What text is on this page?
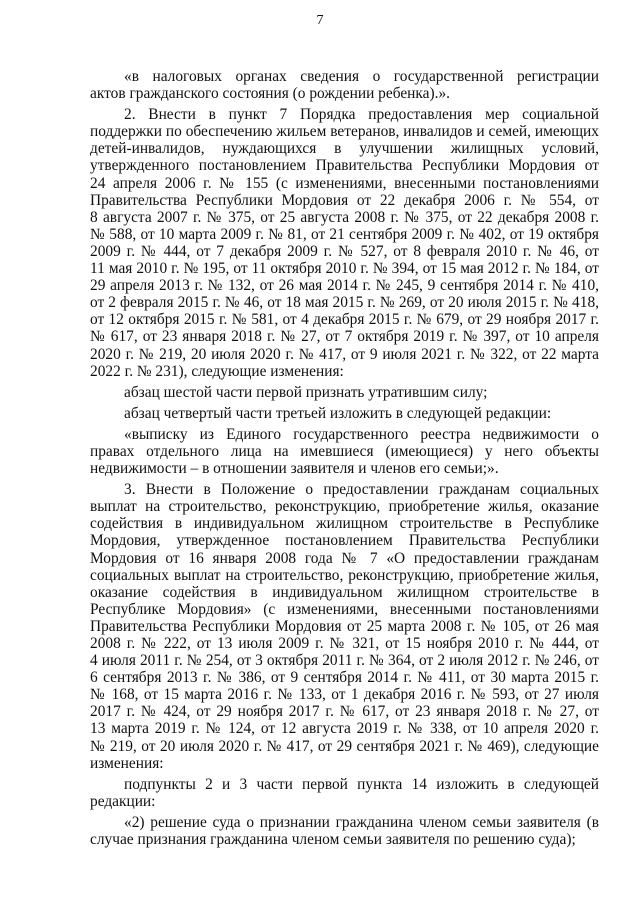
7
«в налоговых органах сведения о государственной регистрации
актов гражданского состояния (о рождении ребенка).».
2. Внести в пункт 7 Порядка предоставления мер социальной
поддержки по обеспечению жильем ветеранов, инвалидов и семей, имеющих
детей-инвалидов, нуждающихся в улучшении жилищных условий,
утвержденного постановлением Правительства Республики Мордовия от
24 апреля 2006 г. № 155 (с изменениями, внесенными постановлениями
Правительства Республики Мордовия от 22 декабря 2006 г. № 554, от
8 августа 2007 г. № 375, от 25 августа 2008 г. № 375, от 22 декабря 2008 г.
№ 588, от 10 марта 2009 г. № 81, от 21 сентября 2009 г. № 402, от 19 октября
2009 г. № 444, от 7 декабря 2009 г. № 527, от 8 февраля 2010 г. № 46, от
11 мая 2010 г. № 195, от 11 октября 2010 г. № 394, от 15 мая 2012 г. № 184, от
29 апреля 2013 г. № 132, от 26 мая 2014 г. № 245, 9 сентября 2014 г. № 410,
от 2 февраля 2015 г. № 46, от 18 мая 2015 г. № 269, от 20 июля 2015 г. № 418,
от 12 октября 2015 г. № 581, от 4 декабря 2015 г. № 679, от 29 ноября 2017 г.
№ 617, от 23 января 2018 г. № 27, от 7 октября 2019 г. № 397, от 10 апреля
2020 г. № 219, 20 июля 2020 г. № 417, от 9 июля 2021 г. № 322, от 22 марта
2022 г. № 231), следующие изменения:
абзац шестой части первой признать утратившим силу;
абзац четвертый части третьей изложить в следующей редакции:
«выписку из Единого государственного реестра недвижимости о
правах отдельного лица на имевшиеся (имеющиеся) у него объекты
недвижимости – в отношении заявителя и членов его семьи;».
3. Внести в Положение о предоставлении гражданам социальных
выплат на строительство, реконструкцию, приобретение жилья, оказание
содействия в индивидуальном жилищном строительстве в Республике
Мордовия, утвержденное постановлением Правительства Республики
Мордовия от 16 января 2008 года № 7 «О предоставлении гражданам
социальных выплат на строительство, реконструкцию, приобретение жилья,
оказание содействия в индивидуальном жилищном строительстве в
Республике Мордовия» (с изменениями, внесенными постановлениями
Правительства Республики Мордовия от 25 марта 2008 г. № 105, от 26 мая
2008 г. № 222, от 13 июля 2009 г. № 321, от 15 ноября 2010 г. № 444, от
4 июля 2011 г. № 254, от 3 октября 2011 г. № 364, от 2 июля 2012 г. № 246, от
6 сентября 2013 г. № 386, от 9 сентября 2014 г. № 411, от 30 марта 2015 г.
№ 168, от 15 марта 2016 г. № 133, от 1 декабря 2016 г. № 593, от 27 июля
2017 г. № 424, от 29 ноября 2017 г. № 617, от 23 января 2018 г. № 27, от
13 марта 2019 г. № 124, от 12 августа 2019 г. № 338, от 10 апреля 2020 г.
№ 219, от 20 июля 2020 г. № 417, от 29 сентября 2021 г. № 469), следующие
изменения:
подпункты 2 и 3 части первой пункта 14 изложить в следующей
редакции:
«2) решение суда о признании гражданина членом семьи заявителя (в
случае признания гражданина членом семьи заявителя по решению суда);
